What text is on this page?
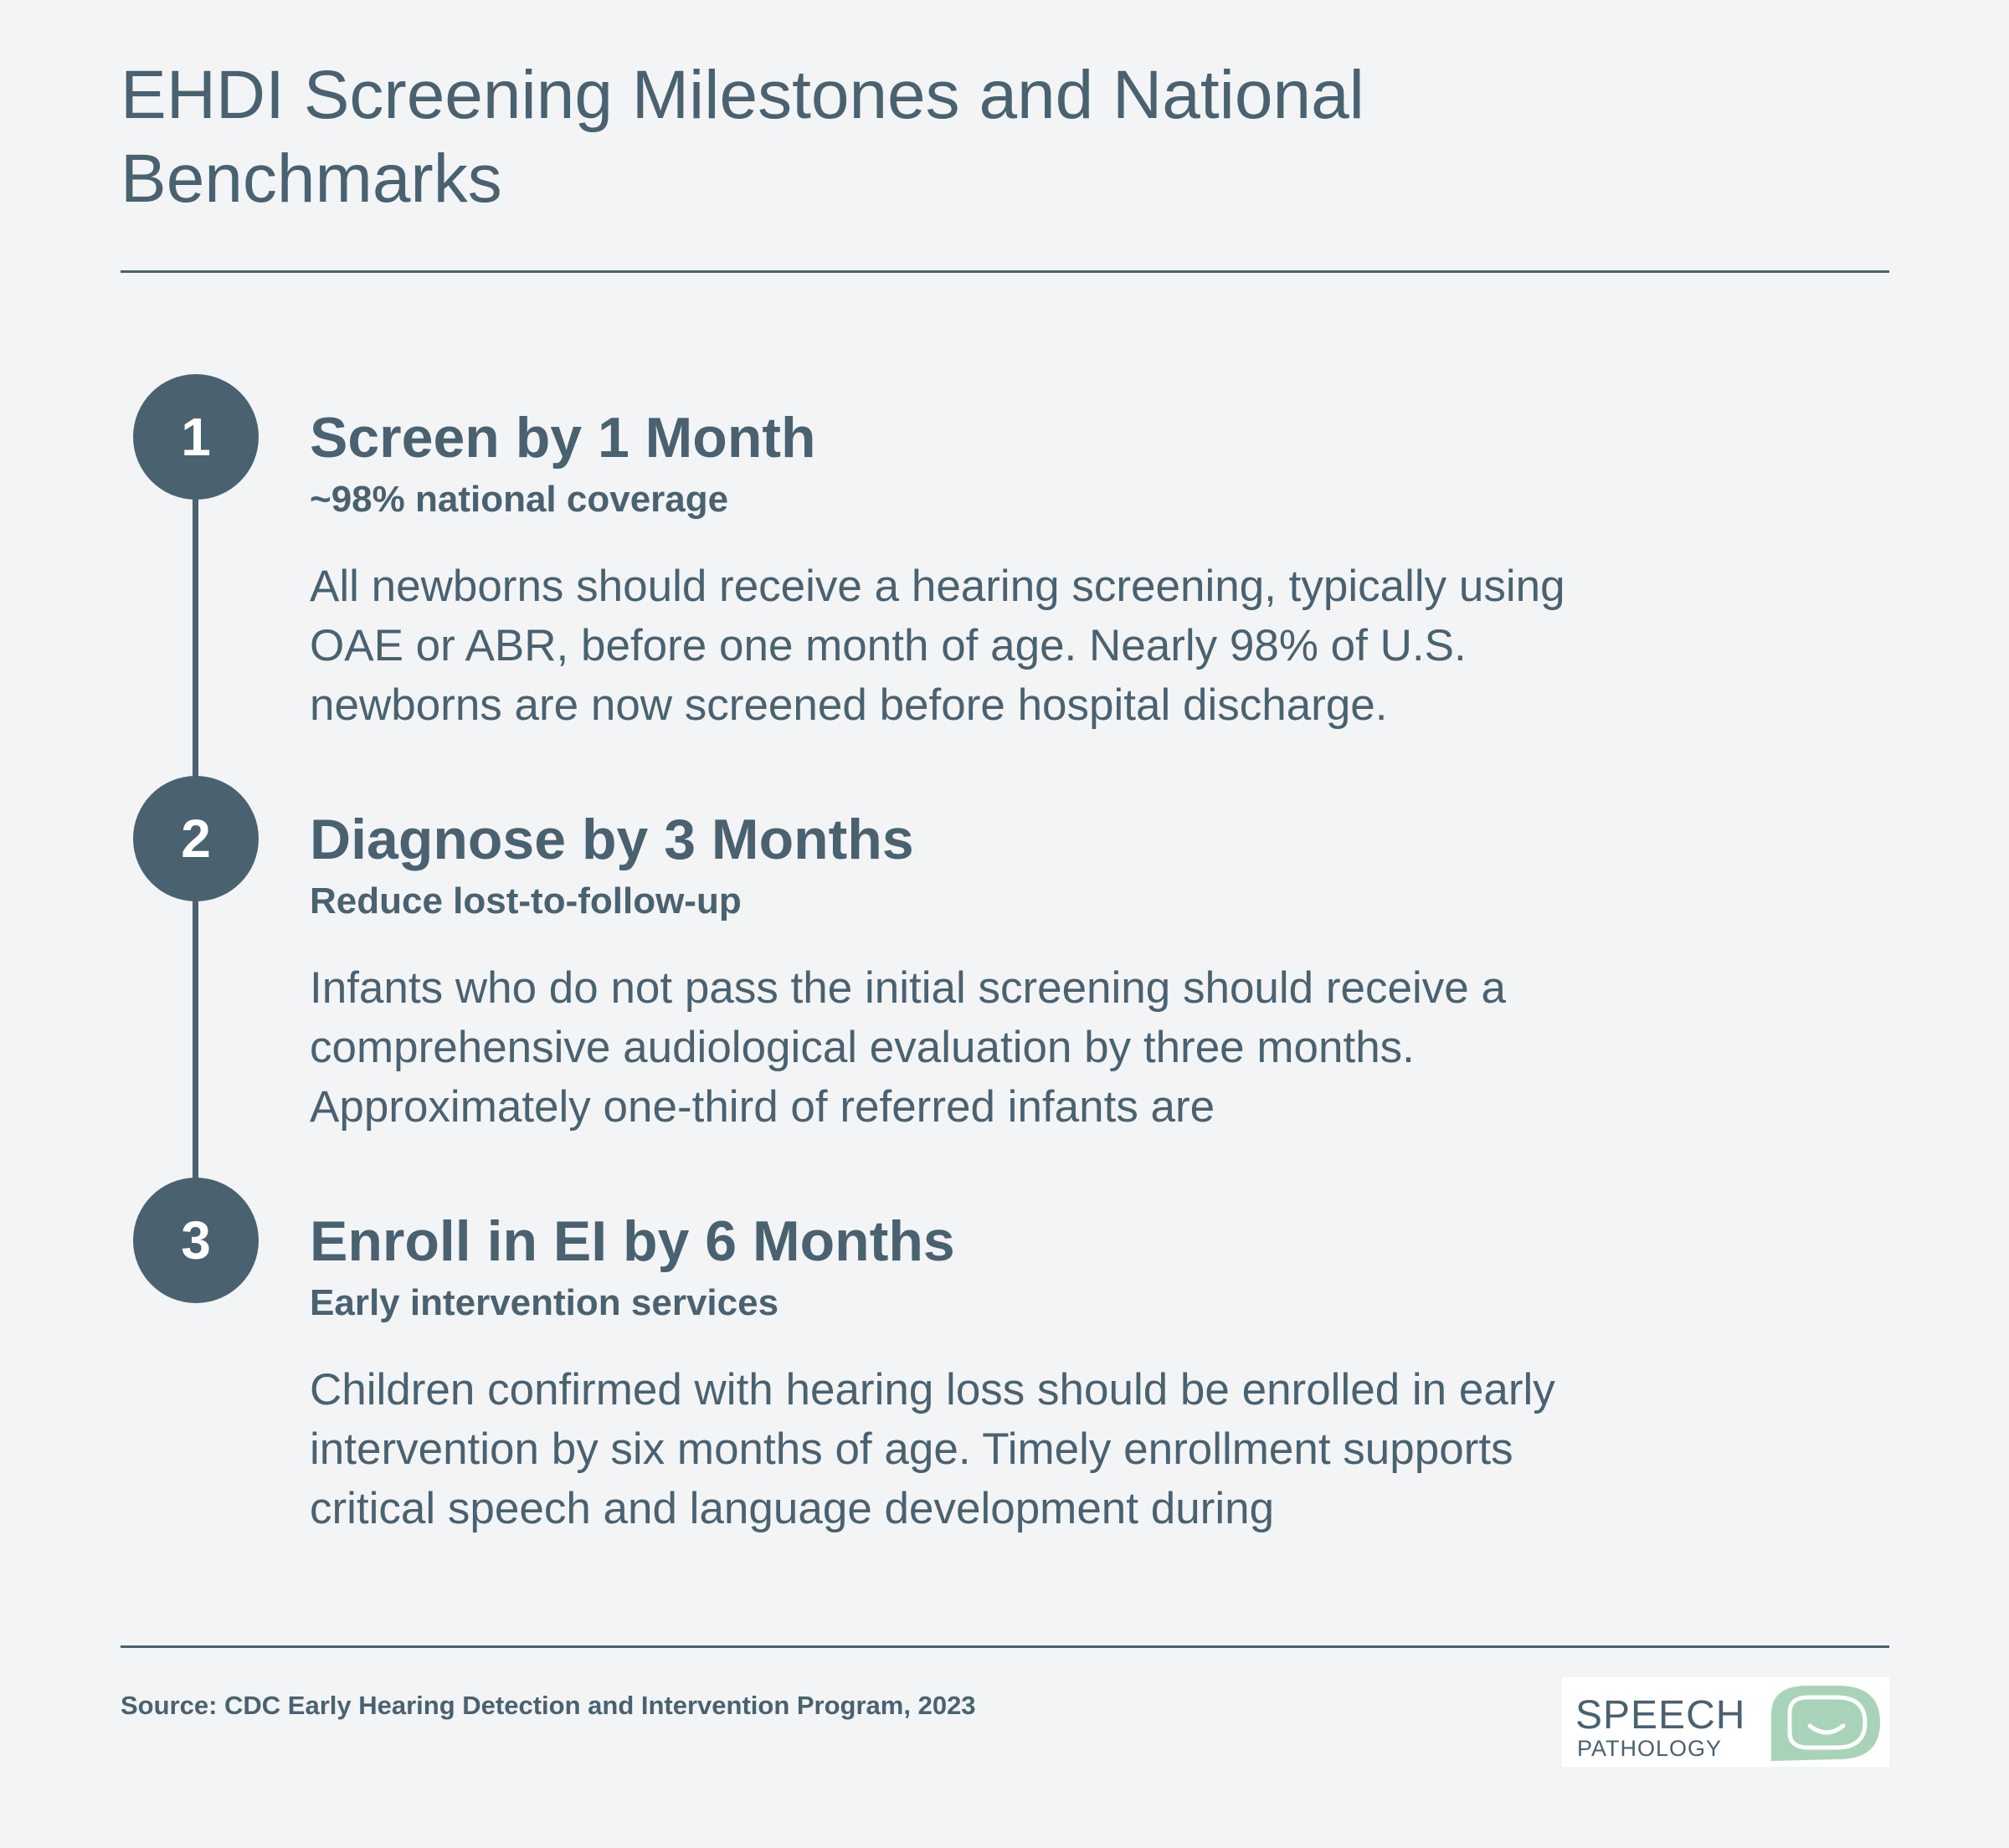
EHDI Screening Milestones and National Benchmarks
1
2
3
Screen by 1 Month
~98% national coverage
All newborns should receive a hearing screening, typically using OAE or ABR, before one month of age. Nearly 98% of U.S. newborns are now screened before hospital discharge.
Diagnose by 3 Months
Reduce lost-to-follow-up
Infants who do not pass the initial screening should receive a comprehensive audiological evaluation by three months. Approximately one-third of referred infants are
Enroll in EI by 6 Months
Early intervention services
Children confirmed with hearing loss should be enrolled in early intervention by six months of age. Timely enrollment supports critical speech and language development during
Source: CDC Early Hearing Detection and Intervention Program, 2023	SPEECH
PATHOLOGY
